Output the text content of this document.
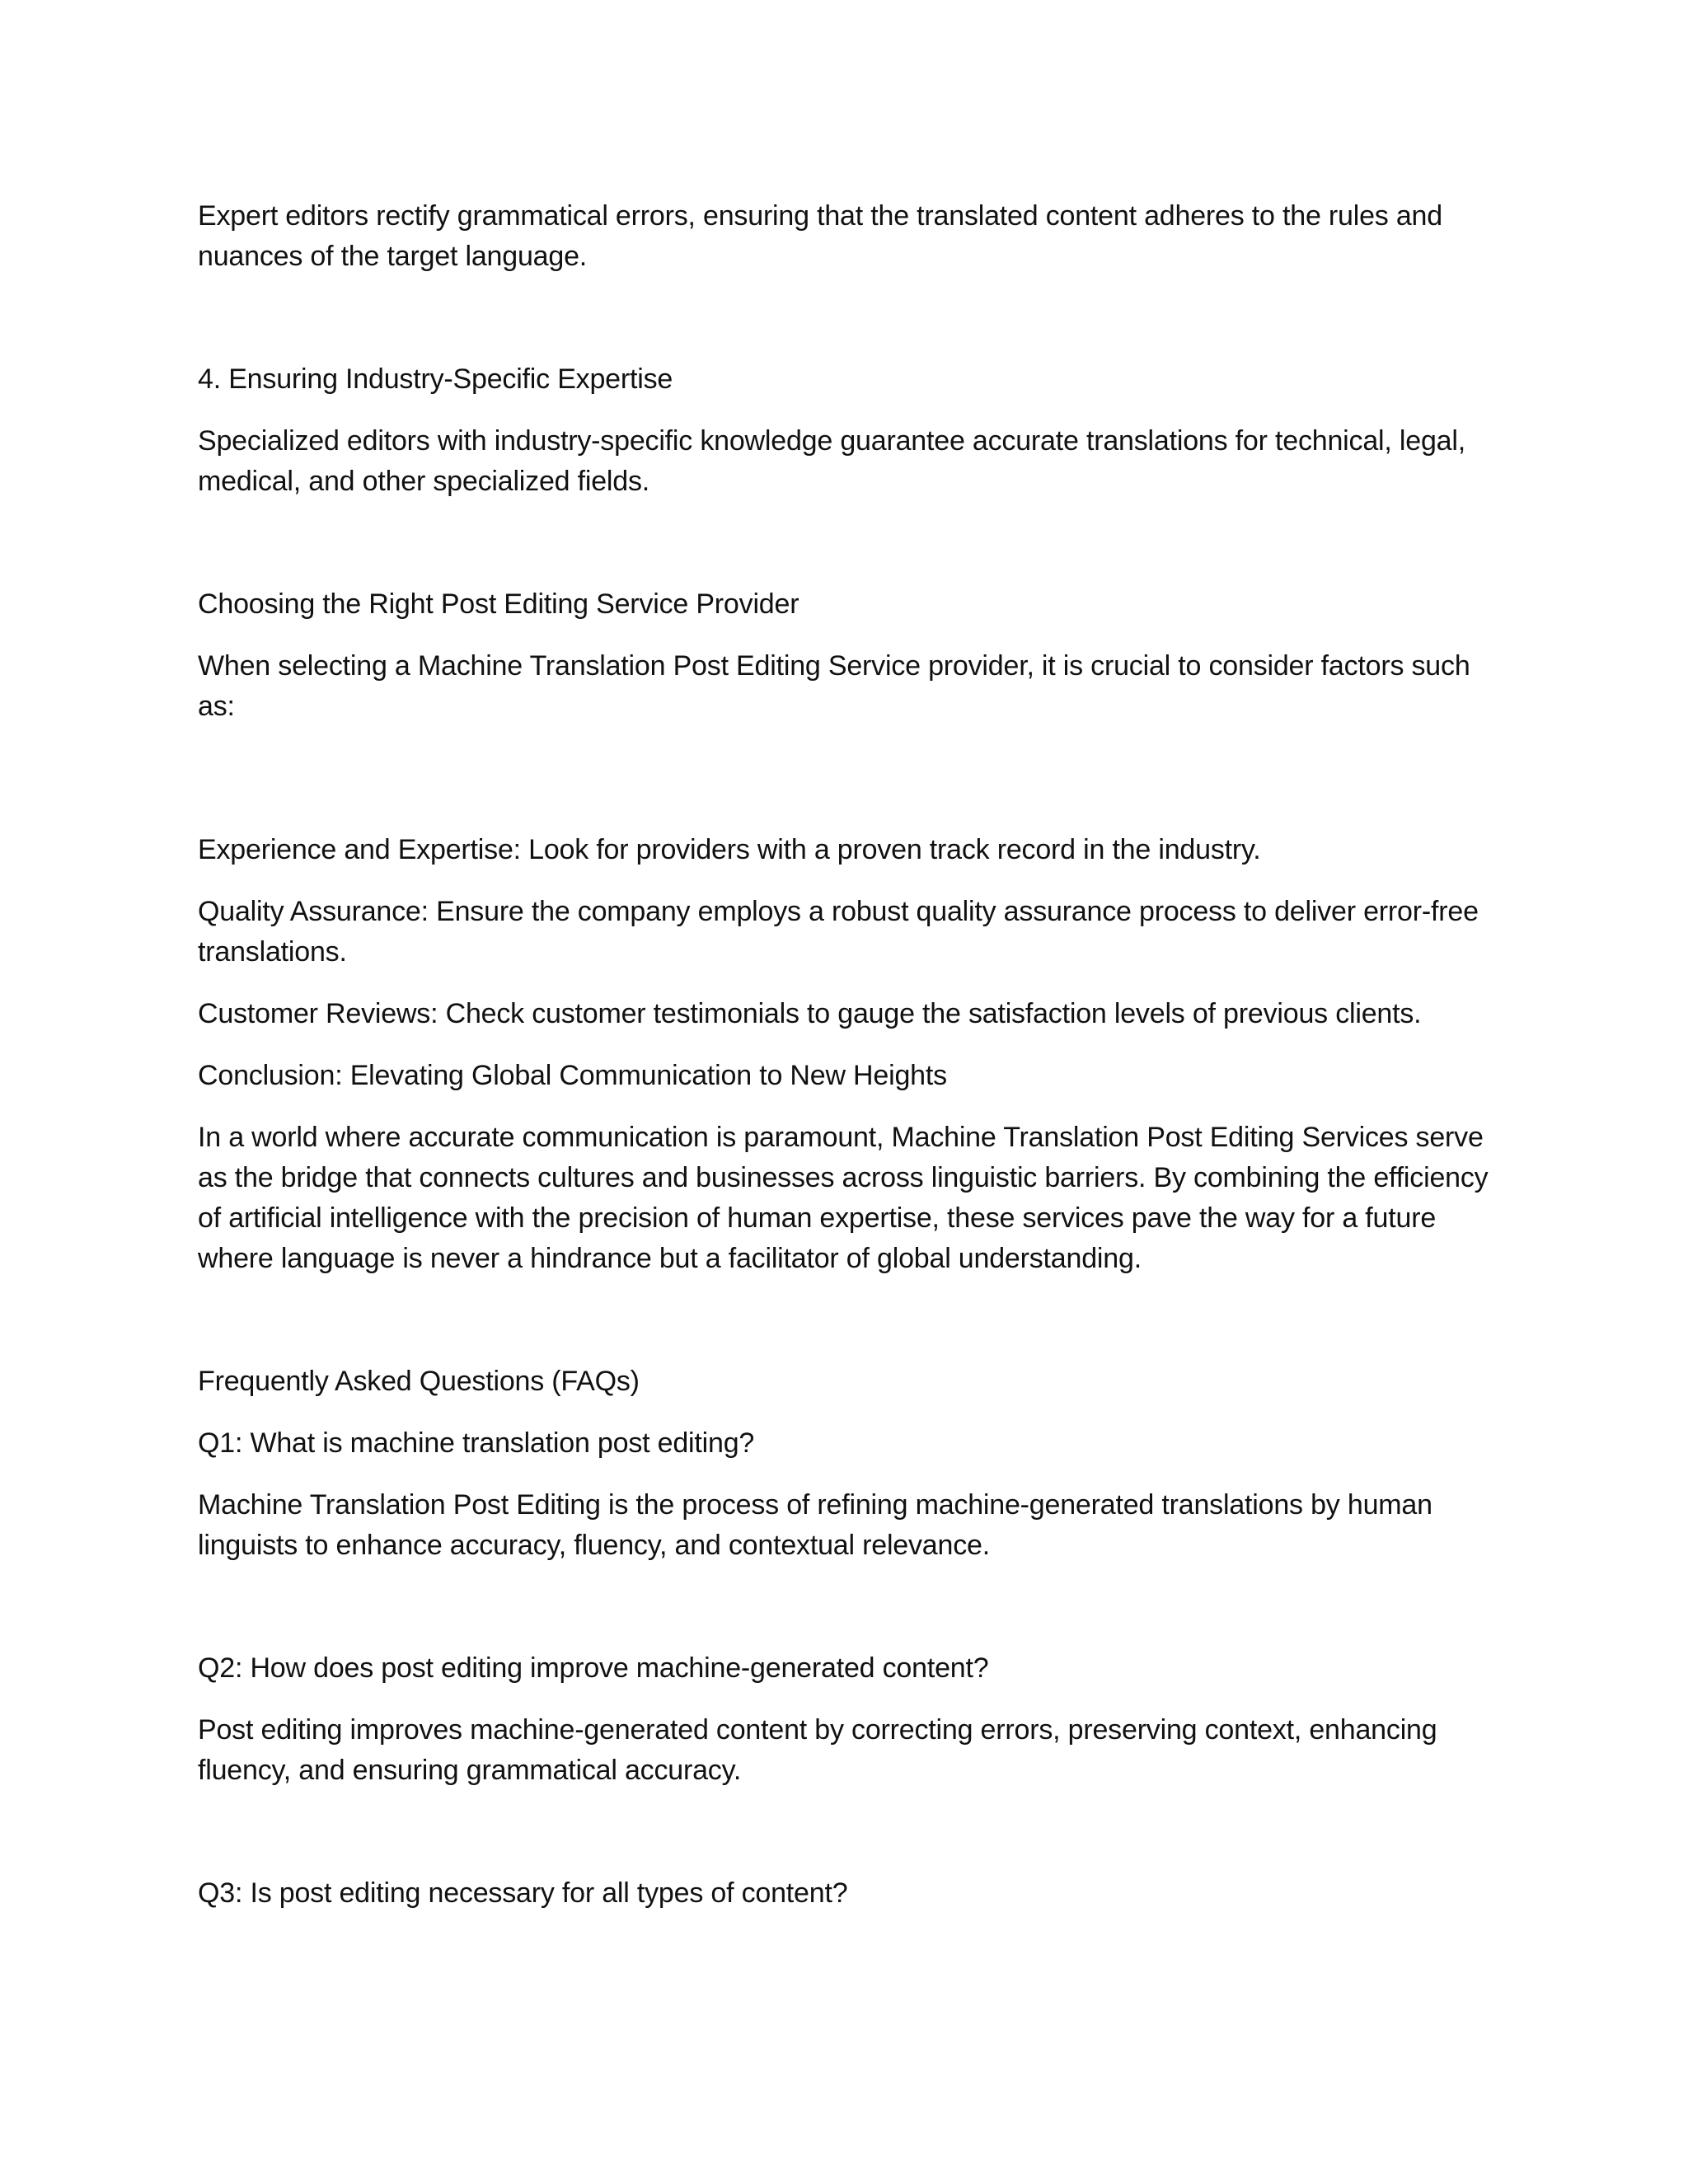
Expert editors rectify grammatical errors, ensuring that the translated content adheres to the rules and nuances of the target language.

4. Ensuring Industry-Specific Expertise

Specialized editors with industry-specific knowledge guarantee accurate translations for technical, legal, medical, and other specialized fields.

Choosing the Right Post Editing Service Provider

When selecting a Machine Translation Post Editing Service provider, it is crucial to consider factors such as:

Experience and Expertise: Look for providers with a proven track record in the industry.

Quality Assurance: Ensure the company employs a robust quality assurance process to deliver error-free translations.

Customer Reviews: Check customer testimonials to gauge the satisfaction levels of previous clients.

Conclusion: Elevating Global Communication to New Heights

In a world where accurate communication is paramount, Machine Translation Post Editing Services serve as the bridge that connects cultures and businesses across linguistic barriers. By combining the efficiency of artificial intelligence with the precision of human expertise, these services pave the way for a future where language is never a hindrance but a facilitator of global understanding.

Frequently Asked Questions (FAQs)

Q1: What is machine translation post editing?

Machine Translation Post Editing is the process of refining machine-generated translations by human linguists to enhance accuracy, fluency, and contextual relevance.

Q2: How does post editing improve machine-generated content?

Post editing improves machine-generated content by correcting errors, preserving context, enhancing fluency, and ensuring grammatical accuracy.

Q3: Is post editing necessary for all types of content?
